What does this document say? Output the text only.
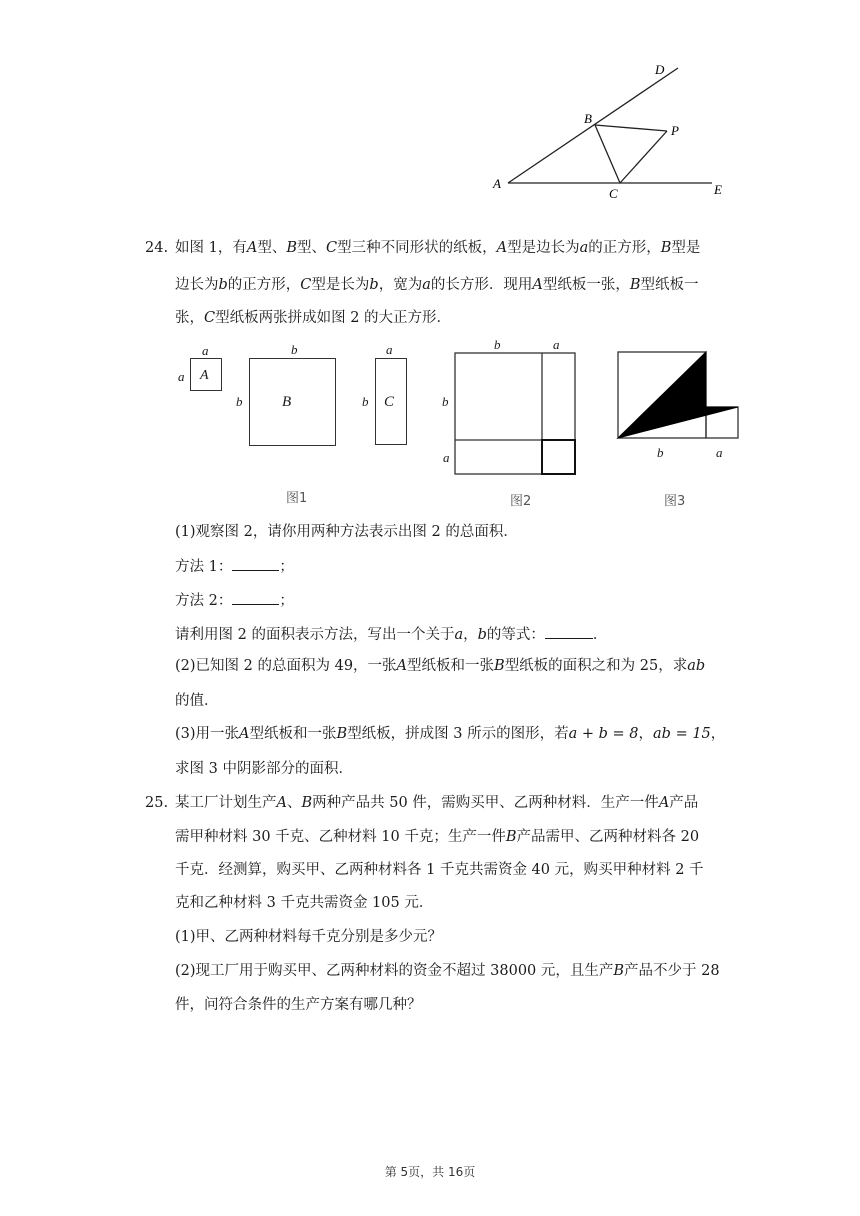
D
B
P
A
C	E
24. 如图 1，有A型、B型、C型三种不同形状的纸板，A型是边长为a的正方形，B型是
边长为b的正方形，C型是长为b，宽为a的长方形．现用A型纸板一张，B型纸板一
张，C型纸板两张拼成如图 2 的大正方形．
a
a A
b
b	B
a
b C
图1
b	a
b
a
图2
b	a
图3
(1)观察图 2，请你用两种方法表示出图 2 的总面积．
方法 1：	；
方法 2：	；
请利用图 2 的面积表示方法，写出一个关于a，b的等式：	．
(2)已知图 2 的总面积为 49，一张A型纸板和一张B型纸板的面积之和为 25，求ab
的值．
(3)用一张A型纸板和一张B型纸板，拼成图 3 所示的图形，若a + b = 8，ab = 15，
求图 3 中阴影部分的面积．
25. 某工厂计划生产A、B两种产品共 50 件，需购买甲、乙两种材料．生产一件A产品
需甲种材料 30 千克、乙种材料 10 千克；生产一件B产品需甲、乙两种材料各 20
千克．经测算，购买甲、乙两种材料各 1 千克共需资金 40 元，购买甲种材料 2 千
克和乙种材料 3 千克共需资金 105 元．
(1)甲、乙两种材料每千克分别是多少元？
(2)现工厂用于购买甲、乙两种材料的资金不超过 38000 元，且生产B产品不少于 28
件，问符合条件的生产方案有哪几种？
第 5页，共 16页
